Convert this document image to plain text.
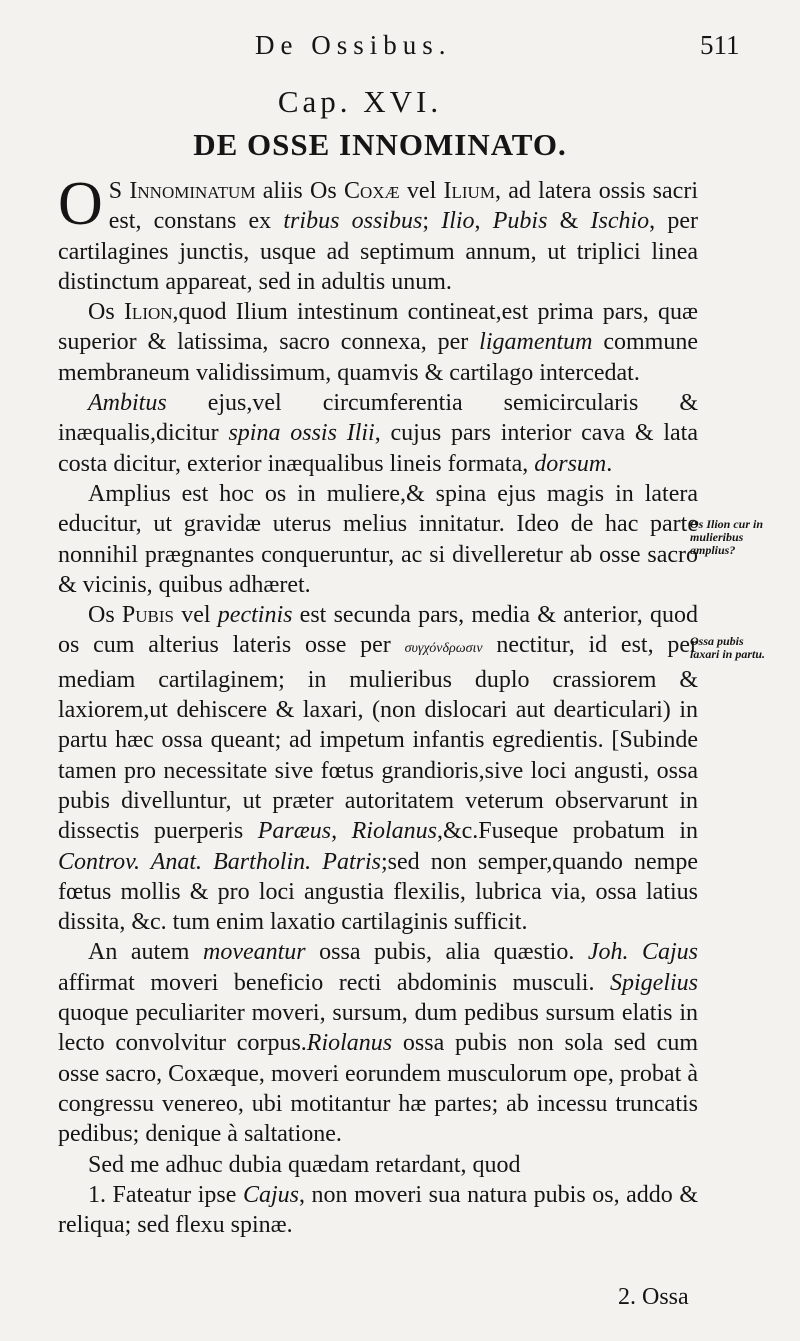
De Ossibus.	511
Cap. XVI.
DE OSSE INNOMINATO.

O S Innominatum aliis Os Coxæ vel Ilium, ad latera ossis sacri est, constans ex tribus ossibus; Ilio, Pubis & Ischio, per cartilagines junctis, usque ad septimum annum, ut triplici linea distinctum appareat, sed in adultis unum.

Os Ilion,quod Ilium intestinum contineat,est prima pars, quæ superior & latissima, sacro connexa, per ligamentum commune membraneum validissimum, quamvis & cartilago intercedat.

Ambitus ejus,vel circumferentia semicircularis & inæqualis,dicitur spina ossis Ilii, cujus pars interior cava & lata costa dicitur, exterior inæqualibus lineis formata, dorsum.

Amplius est hoc os in muliere,& spina ejus magis in latera educitur, ut gravidæ uterus melius innitatur. Ideo de hac parte nonnihil prægnantes conqueruntur, ac si divelleretur ab osse sacro & vicinis, quibus adhæret.

Os Pubis vel pectinis est secunda pars, media & anterior, quod os cum alterius lateris osse per συγχόνδρωσιν nectitur, id est, per mediam cartilaginem; in mulieribus duplo crassiorem & laxiorem,ut dehiscere & laxari, (non dislocari aut dearticulari) in partu hæc ossa queant; ad impetum infantis egredientis. [Subinde tamen pro necessitate sive fœtus grandioris,sive loci angusti, ossa pubis divelluntur, ut præter autoritatem veterum observarunt in dissectis puerperis Paræus, Riolanus,&c.Fuseque probatum in Controv. Anat. Bartholin. Patris;sed non semper,quando nempe fœtus mollis & pro loci angustia flexilis, lubrica via, ossa latius dissita, &c. tum enim laxatio cartilaginis sufficit.

An autem moveantur ossa pubis, alia quæstio. Joh. Cajus affirmat moveri beneficio recti abdominis musculi. Spigelius quoque peculiariter moveri, sursum, dum pedibus sursum elatis in lecto convolvitur corpus.Riolanus ossa pubis non sola sed cum osse sacro, Coxæque, moveri eorundem musculorum ope, probat à congressu venereo, ubi motitantur hæ partes; ab incessu truncatis pedibus; denique à saltatione.

Sed me adhuc dubia quædam retardant, quod

1. Fateatur ipse Cajus, non moveri sua natura pubis os, addo & reliqua; sed flexu spinæ.

Os Ilion cur in mulieribus amplius?
Ossa pubis laxari in partu.
2. Ossa
